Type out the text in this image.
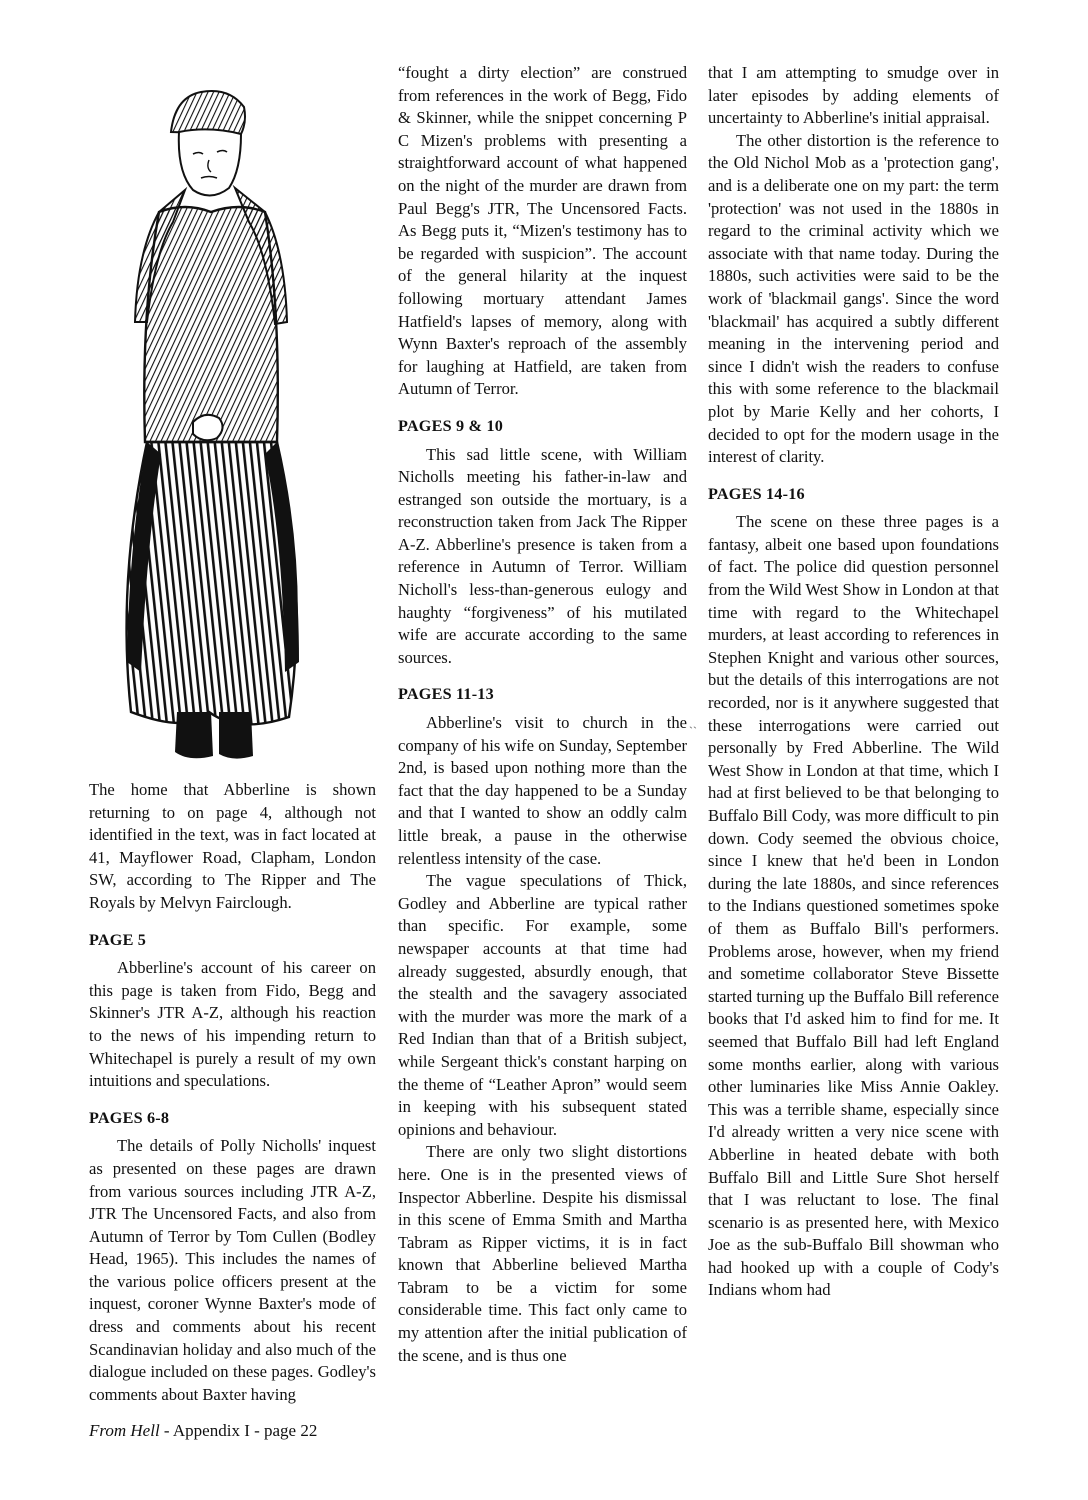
The home that Abberline is shown returning to on page 4, although not identified in the text, was in fact located at 41, Mayflower Road, Clapham, London SW, according to The Ripper and The Royals by Melvyn Fairclough.

PAGE 5

Abberline's account of his career on this page is taken from Fido, Begg and Skinner's JTR A-Z, although his reaction to the news of his impending return to Whitechapel is purely a result of my own intuitions and speculations.

PAGES 6-8

The details of Polly Nicholls' inquest as presented on these pages are drawn from various sources including JTR A-Z, JTR The Uncensored Facts, and also from Autumn of Terror by Tom Cullen (Bodley Head, 1965). This includes the names of the various police officers present at the inquest, coroner Wynne Baxter's mode of dress and comments about his recent Scandinavian holiday and also much of the dialogue included on these pages. Godley's comments about Baxter having

“fought a dirty election” are construed from references in the work of Begg, Fido & Skinner, while the snippet concerning P C Mizen's problems with presenting a straightforward account of what happened on the night of the murder are drawn from Paul Begg's JTR, The Uncensored Facts. As Begg puts it, “Mizen's testimony has to be regarded with suspicion”. The account of the general hilarity at the inquest following mortuary attendant James Hatfield's lapses of memory, along with Wynn Baxter's reproach of the assembly for laughing at Hatfield, are taken from Autumn of Terror.

PAGES 9 & 10

This sad little scene, with William Nicholls meeting his father-in-law and estranged son outside the mortuary, is a reconstruction taken from Jack The Ripper A-Z. Abberline's presence is taken from a reference in Autumn of Terror. William Nicholl's less-than-generous eulogy and haughty “forgiveness” of his mutilated wife are accurate according to the same sources.

PAGES 11-13

Abberline's visit to church in the company of his wife on Sunday, September 2nd, is based upon nothing more than the fact that the day happened to be a Sunday and that I wanted to show an oddly calm little break, a pause in the otherwise relentless intensity of the case.

The vague speculations of Thick, Godley and Abberline are typical rather than specific. For example, some newspaper accounts at that time had already suggested, absurdly enough, that the stealth and the savagery associated with the murder was more the mark of a Red Indian than that of a British subject, while Sergeant thick's constant harping on the theme of “Leather Apron” would seem in keeping with his subsequent stated opinions and behaviour.

There are only two slight distortions here. One is in the presented views of Inspector Abberline. Despite his dismissal in this scene of Emma Smith and Martha Tabram as Ripper victims, it is in fact known that Abberline believed Martha Tabram to be a victim for some considerable time. This fact only came to my attention after the initial publication of the scene, and is thus one

``

that I am attempting to smudge over in later episodes by adding elements of uncertainty to Abberline's initial appraisal.

The other distortion is the reference to the Old Nichol Mob as a 'protection gang', and is a deliberate one on my part: the term 'protection' was not used in the 1880s in regard to the criminal activity which we associate with that name today. During the 1880s, such activities were said to be the work of 'blackmail gangs'. Since the word 'blackmail' has acquired a subtly different meaning in the intervening period and since I didn't wish the readers to confuse this with some reference to the blackmail plot by Marie Kelly and her cohorts, I decided to opt for the modern usage in the interest of clarity.

PAGES 14-16

The scene on these three pages is a fantasy, albeit one based upon foundations of fact. The police did question personnel from the Wild West Show in London at that time with regard to the Whitechapel murders, at least according to references in Stephen Knight and various other sources, but the details of this interrogations are not recorded, nor is it anywhere suggested that these interrogations were carried out personally by Fred Abberline. The Wild West Show in London at that time, which I had at first believed to be that belonging to Buffalo Bill Cody, was more difficult to pin down. Cody seemed the obvious choice, since I knew that he'd been in London during the late 1880s, and since references to the Indians questioned sometimes spoke of them as Buffalo Bill's performers. Problems arose, however, when my friend and sometime collaborator Steve Bissette started turning up the Buffalo Bill reference books that I'd asked him to find for me. It seemed that Buffalo Bill had left England some months earlier, along with various other luminaries like Miss Annie Oakley. This was a terrible shame, especially since I'd already written a very nice scene with Abberline in heated debate with both Buffalo Bill and Little Sure Shot herself that I was reluctant to lose. The final scenario is as presented here, with Mexico Joe as the sub-Buffalo Bill showman who had hooked up with a couple of Cody's Indians whom had

From Hell - Appendix I - page 22
